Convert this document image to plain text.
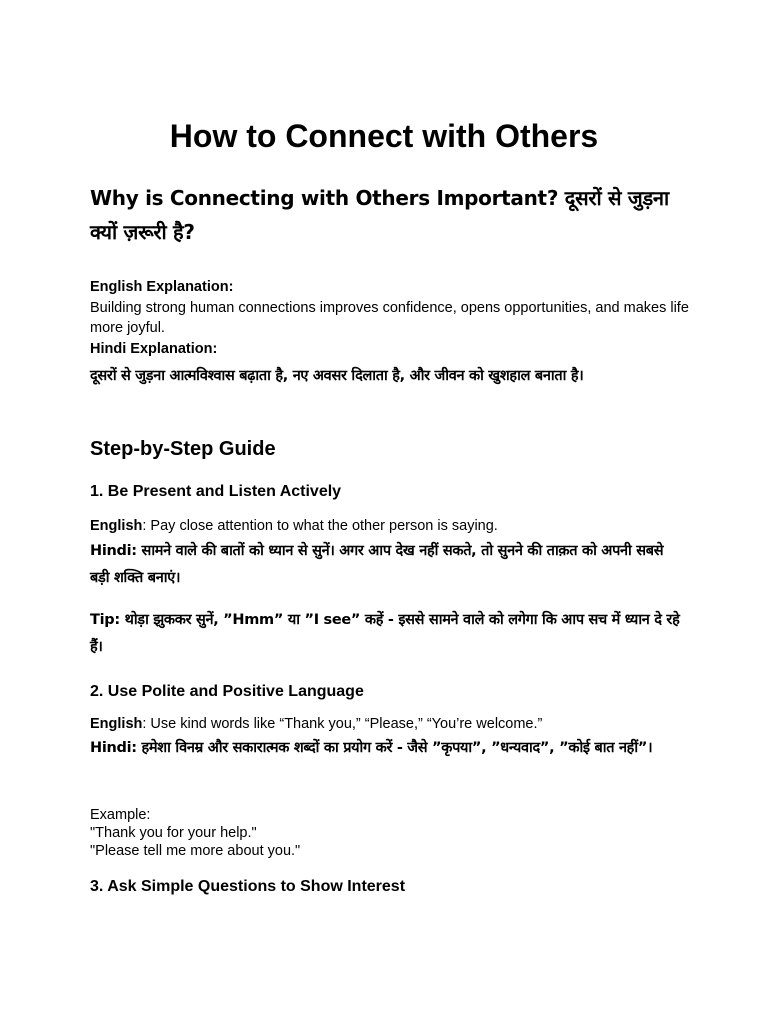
How to Connect with Others
Why is Connecting with Others Important? दूसरों से जुड़ना क्यों ज़रूरी है?
English Explanation:
Building strong human connections improves confidence, opens opportunities, and makes life more joyful.
Hindi Explanation:
दूसरों से जुड़ना आत्मविश्वास बढ़ाता है, नए अवसर दिलाता है, और जीवन को खुशहाल बनाता है।
Step-by-Step Guide
1. Be Present and Listen Actively
English: Pay close attention to what the other person is saying.
Hindi: सामने वाले की बातों को ध्यान से सुनें। अगर आप देख नहीं सकते, तो सुनने की ताक़त को अपनी सबसे बड़ी शक्ति बनाएं।
Tip: थोड़ा झुककर सुनें, ”Hmm” या ”I see” कहें - इससे सामने वाले को लगेगा कि आप सच में ध्यान दे रहे हैं।
2. Use Polite and Positive Language
English: Use kind words like “Thank you,” “Please,” “You’re welcome.”
Hindi: हमेशा विनम्र और सकारात्मक शब्दों का प्रयोग करें - जैसे ”कृपया”, ”धन्यवाद”, ”कोई बात नहीं”।
Example:
"Thank you for your help."
"Please tell me more about you."
3. Ask Simple Questions to Show Interest
